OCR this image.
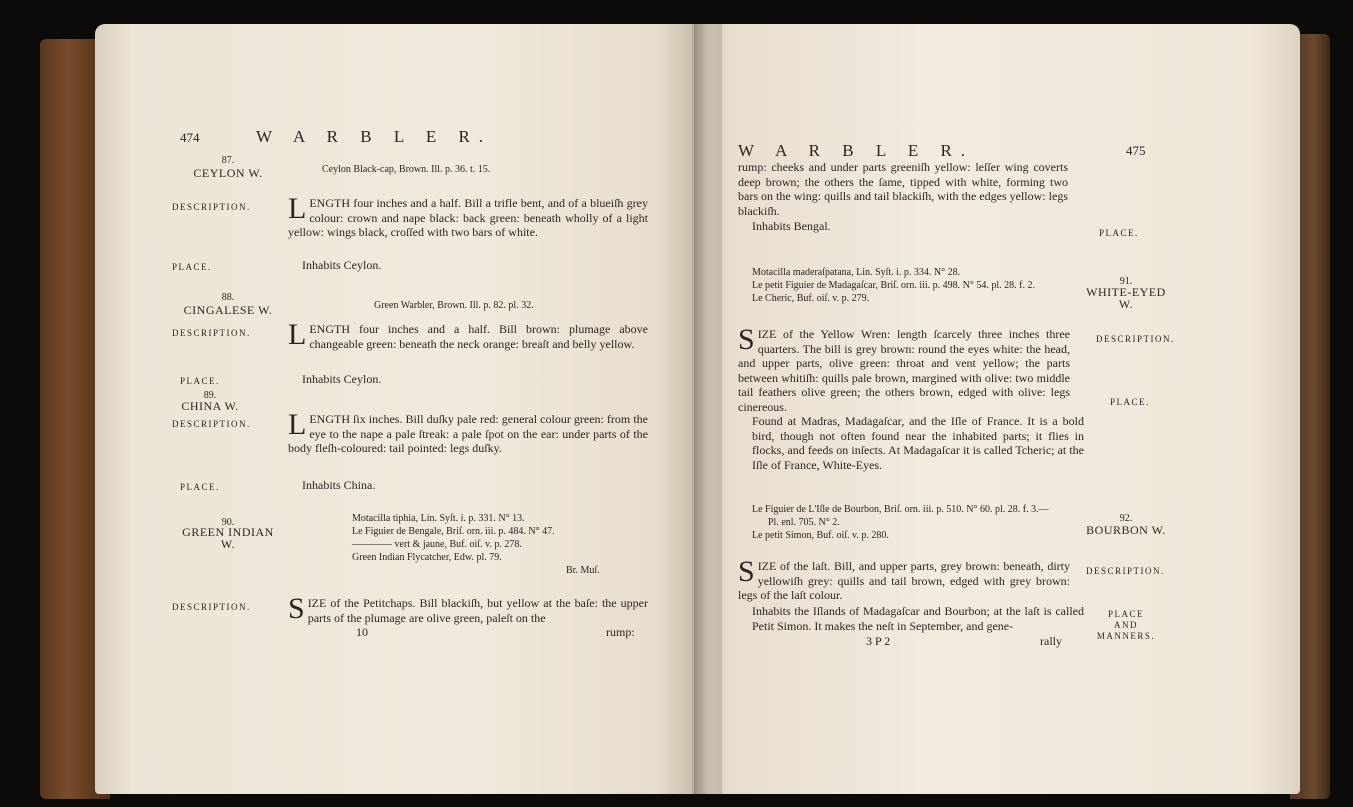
474	W A R B L E R.
87.
CEYLON W.	Ceylon Black-cap, Brown. Ill. p. 36. t. 15.
DESCRIPTION. LENGTH four inches and a half. Bill a trifle bent, and of a blueiſh grey colour: crown and nape black: back green: beneath wholly of a light yellow: wings black, croſſed with two bars of white.
PLACE.	Inhabits Ceylon.
88.
CINGALESE W.	Green Warbler, Brown. Ill. p. 82. pl. 32.
DESCRIPTION. LENGTH four inches and a half. Bill brown: plumage above changeable green: beneath the neck orange: breaſt and belly yellow.
PLACE.	Inhabits Ceylon.
89.
CHINA W.
DESCRIPTION. LENGTH ſix inches. Bill duſky pale red: general colour green: from the eye to the nape a pale ſtreak: a pale ſpot on the ear: under parts of the body fleſh-coloured: tail pointed: legs duſky.
PLACE.	Inhabits China.
90.
GREEN INDIAN W.
Motacilla tiphia, Lin. Syſt. i. p. 331. N° 13.
Le Figuier de Bengale, Briſ. orn. iii. p. 484. N° 47.
———— vert & jaune, Buf. oiſ. v. p. 278.
Green Indian Flycatcher, Edw. pl. 79.
Br. Muſ.
DESCRIPTION. SIZE of the Petitchaps. Bill blackiſh, but yellow at the baſe: the upper parts of the plumage are olive green, paleſt on the
10	rump:
W A R B L E R.	475
rump: cheeks and under parts greeniſh yellow: leſſer wing coverts deep brown; the others the ſame, tipped with white, forming two bars on the wing: quills and tail blackiſh, with the edges yellow: legs blackiſh.
Inhabits Bengal.	PLACE.
Motacilla maderaſpatana, Lin. Syſt. i. p. 334. N° 28.
Le petit Figuier de Madagaſcar, Briſ. orn. iii. p. 498. N° 54. pl. 28. f. 2.
Le Cheric, Buf. oiſ. v. p. 279.
91.
WHITE-EYED W.
DESCRIPTION.
SIZE of the Yellow Wren: length ſcarcely three inches three quarters. The bill is grey brown: round the eyes white: the head, and upper parts, olive green: throat and vent yellow; the parts between whitiſh: quills pale brown, margined with olive: two middle tail feathers olive green; the others brown, edged with olive: legs cinereous.	PLACE.
Found at Madras, Madagaſcar, and the Iſle of France. It is a bold bird, though not often found near the inhabited parts; it flies in flocks, and feeds on inſects. At Madagaſcar it is called Tcheric; at the Iſle of France, White-Eyes.
Le Figuier de L'Iſle de Bourbon, Briſ. orn. iii. p. 510. N° 60. pl. 28. f. 3.—
Pl. enl. 705. N° 2.
Le petit Simon, Buf. oiſ. v. p. 280.
92.
BOURBON W.
DESCRIPTION.
SIZE of the laſt. Bill, and upper parts, grey brown: beneath, dirty yellowiſh grey: quills and tail brown, edged with grey brown: legs of the laſt colour.
PLACE AND MANNERS.
Inhabits the Iſlands of Madagaſcar and Bourbon; at the laſt is called Petit Simon. It makes the neſt in September, and gene-
3 P 2	rally
